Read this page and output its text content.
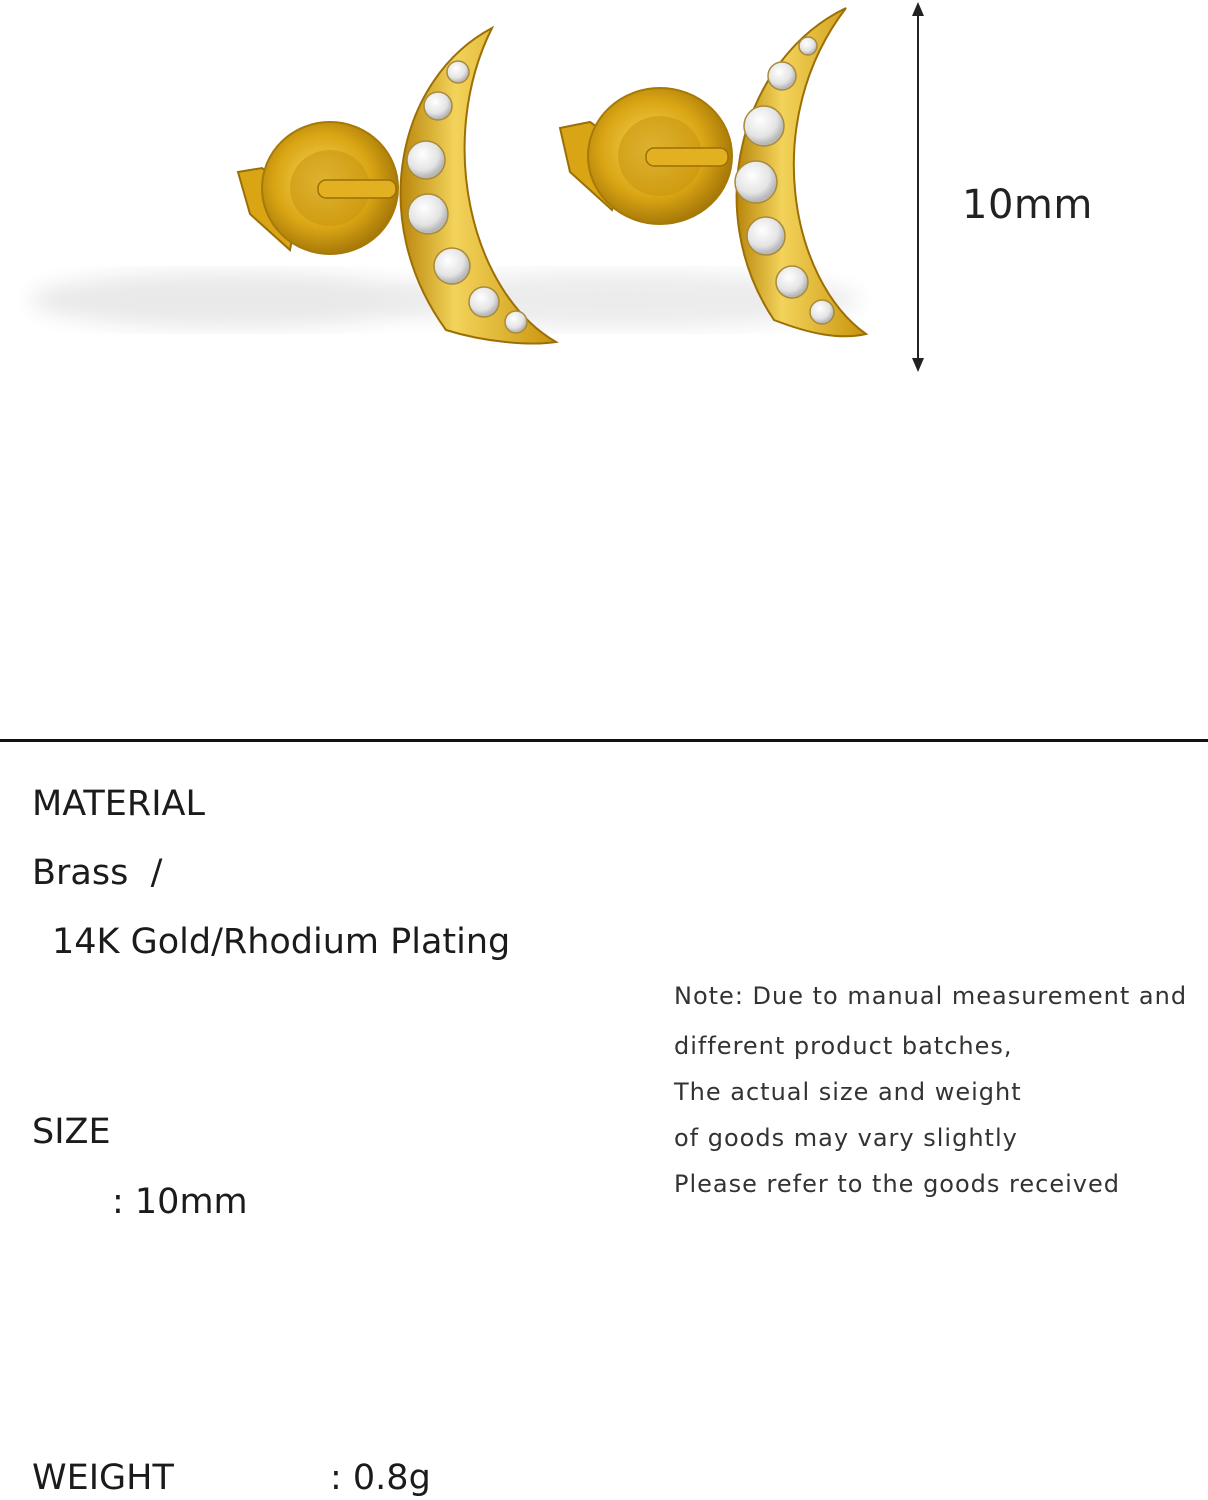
10mm
MATERIAL
Brass  /
14K Gold/Rhodium Plating
SIZE
: 10mm
WEIGHT	: 0.8g
Note: Due to manual measurement and
different product batches,
The actual size and weight
of goods may vary slightly
Please refer to the goods received
